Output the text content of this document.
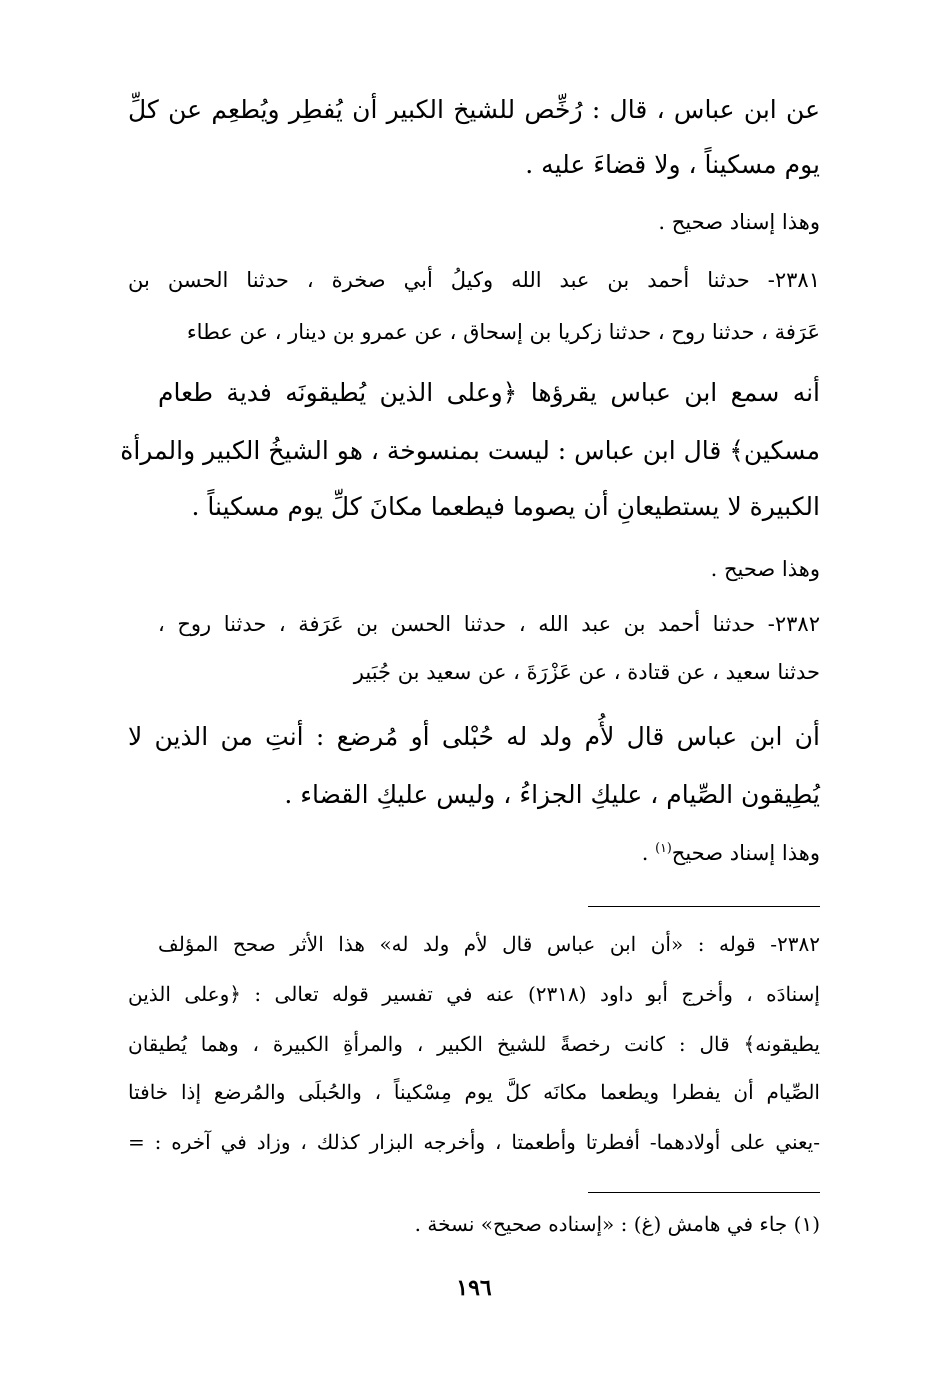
عن ابن عباس ، قال : رُخِّص للشيخ الكبير أن يُفطِر ويُطعِم عن كلِّ
يوم مسكيناً ، ولا قضاءَ عليه .
وهذا إسناد صحيح .
٢٣٨١- حدثنا أحمد بن عبد الله وكيلُ أبي صخرة ، حدثنا الحسن بن
عَرَفة ، حدثنا روح ، حدثنا زكريا بن إسحاق ، عن عمرو بن دينار ، عن عطاء
أنه سمع ابن عباس يقرؤها ﴿وعلى الذين يُطيقونَه فدية طعام
مسكين﴾ قال ابن عباس : ليست بمنسوخة ، هو الشيخُ الكبير والمرأة
الكبيرة لا يستطيعانِ أن يصوما فيطعما مكانَ كلِّ يوم مسكيناً .
وهذا صحيح .
٢٣٨٢- حدثنا أحمد بن عبد الله ، حدثنا الحسن بن عَرَفة ، حدثنا روح ،
حدثنا سعيد ، عن قتادة ، عن عَزْرَةَ ، عن سعيد بن جُبَير
أن ابن عباس قال لأُم ولد له حُبْلى أو مُرضع : أنتِ من الذين لا
يُطِيقون الصِّيام ، عليكِ الجزاءُ ، وليس عليكِ القضاء .
وهذا إسناد صحيح$^{(١)}$ .
٢٣٨٢- قوله : «أن ابن عباس قال لأم ولد له» هذا الأثر صحح المؤلف
إسنادَه ، وأخرج أبو داود (٢٣١٨) عنه في تفسير قوله تعالى : ﴿وعلى الذين
يطيقونه﴾ قال : كانت رخصةً للشيخ الكبير ، والمرأةِ الكبيرة ، وهما يُطيقان
الصِّيام أن يفطرا ويطعما مكانَه كلَّ يوم مِسْكيناً ، والحُبلَى والمُرضع إذا خافتا
-يعني على أولادهما- أفطرتا وأطعمتا ، وأخرجه البزار كذلك ، وزاد في آخره : =
(١) جاء في هامش (غ) : «إسناده صحيح» نسخة .
١٩٦
